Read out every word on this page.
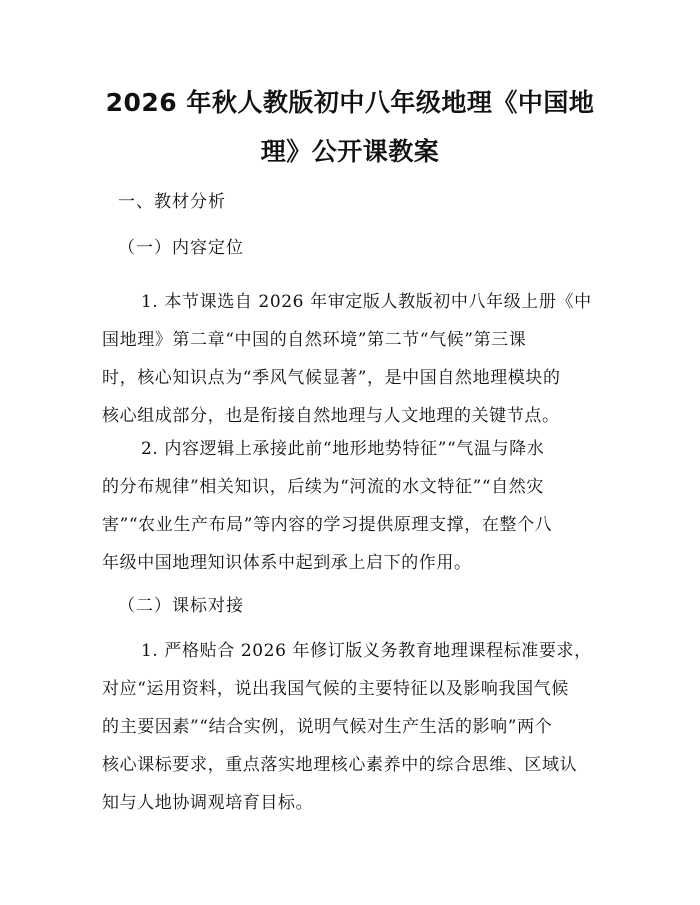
2026 年秋人教版初中八年级地理《中国地
理》公开课教案
一、教材分析
（一）内容定位
1. 本节课选自 2026 年审定版人教版初中八年级上册《中
国地理》第二章“中国的自然环境”第二节“气候”第三课
时，核心知识点为“季风气候显著”，是中国自然地理模块的
核心组成部分，也是衔接自然地理与人文地理的关键节点。
2. 内容逻辑上承接此前“地形地势特征”“气温与降水
的分布规律”相关知识，后续为“河流的水文特征”“自然灾
害”“农业生产布局”等内容的学习提供原理支撑，在整个八
年级中国地理知识体系中起到承上启下的作用。
（二）课标对接
1. 严格贴合 2026 年修订版义务教育地理课程标准要求，
对应“运用资料，说出我国气候的主要特征以及影响我国气候
的主要因素”“结合实例，说明气候对生产生活的影响”两个
核心课标要求，重点落实地理核心素养中的综合思维、区域认
知与人地协调观培育目标。
